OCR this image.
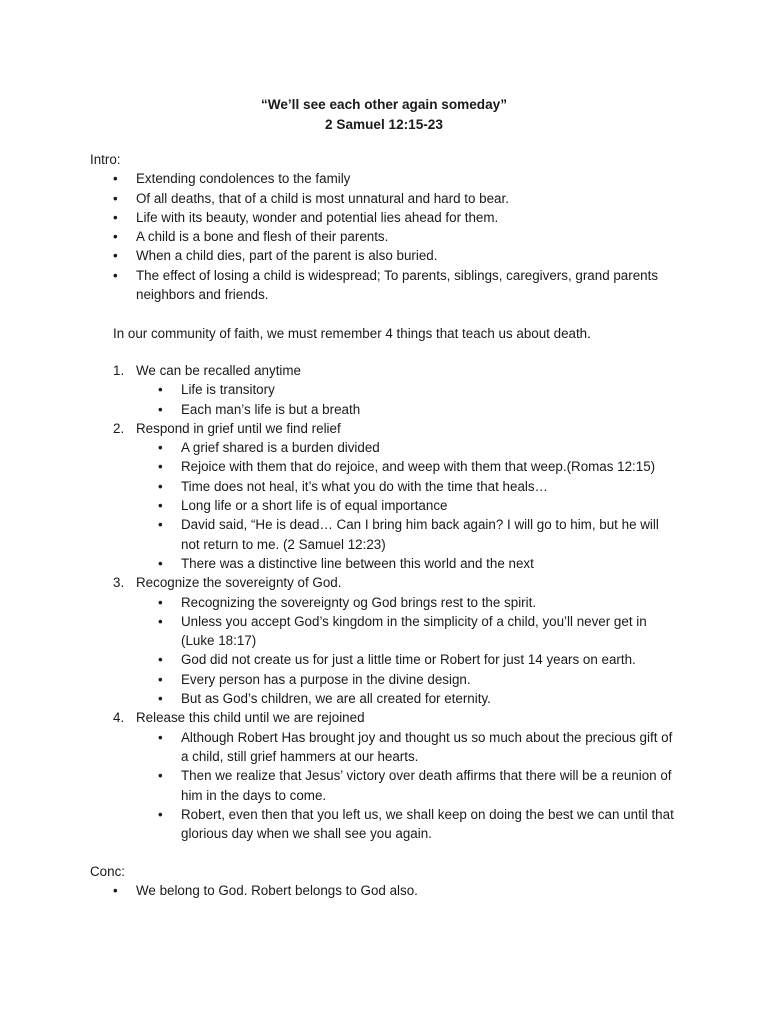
“We’ll see each other again someday”
2 Samuel 12:15-23
Intro:
•
Extending condolences to the family
•
Of all deaths, that of a child is most unnatural and hard to bear.
•
Life with its beauty, wonder and potential lies ahead for them.
•
A child is a bone and flesh of their parents.
•
When a child dies, part of the parent is also buried.
•
The effect of losing a child is widespread; To parents, siblings, caregivers, grand parents neighbors and friends.
In our community of faith, we must remember 4 things that teach us about death.
1. We can be recalled anytime
•
Life is transitory
•
Each man’s life is but a breath
2. Respond in grief until we find relief
•
A grief shared is a burden divided
•
Rejoice with them that do rejoice, and weep with them that weep.(Romas 12:15)
•
Time does not heal, it’s what you do with the time that heals…
•
Long life or a short life is of equal importance
•
David said, “He is dead… Can I bring him back again? I will go to him, but he will not return to me. (2 Samuel 12:23)
•
There was a distinctive line between this world and the next
3. Recognize the sovereignty of God.
•
Recognizing the sovereignty og God brings rest to the spirit.
•
Unless you accept God’s kingdom in the simplicity of a child, you’ll never get in (Luke 18:17)
•
God did not create us for just a little time or Robert for just 14 years on earth.
•
Every person has a purpose in the divine design.
•
But as God’s children, we are all created for eternity.
4. Release this child until we are rejoined
•
Although Robert Has brought joy and thought us so much about the precious gift of a child, still grief hammers at our hearts.
•
Then we realize that Jesus’ victory over death affirms that there will be a reunion of him in the days to come.
•
Robert, even then that you left us, we shall keep on doing the best we can until that glorious day when we shall see you again.
Conc:
•
We belong to God. Robert belongs to God also.
